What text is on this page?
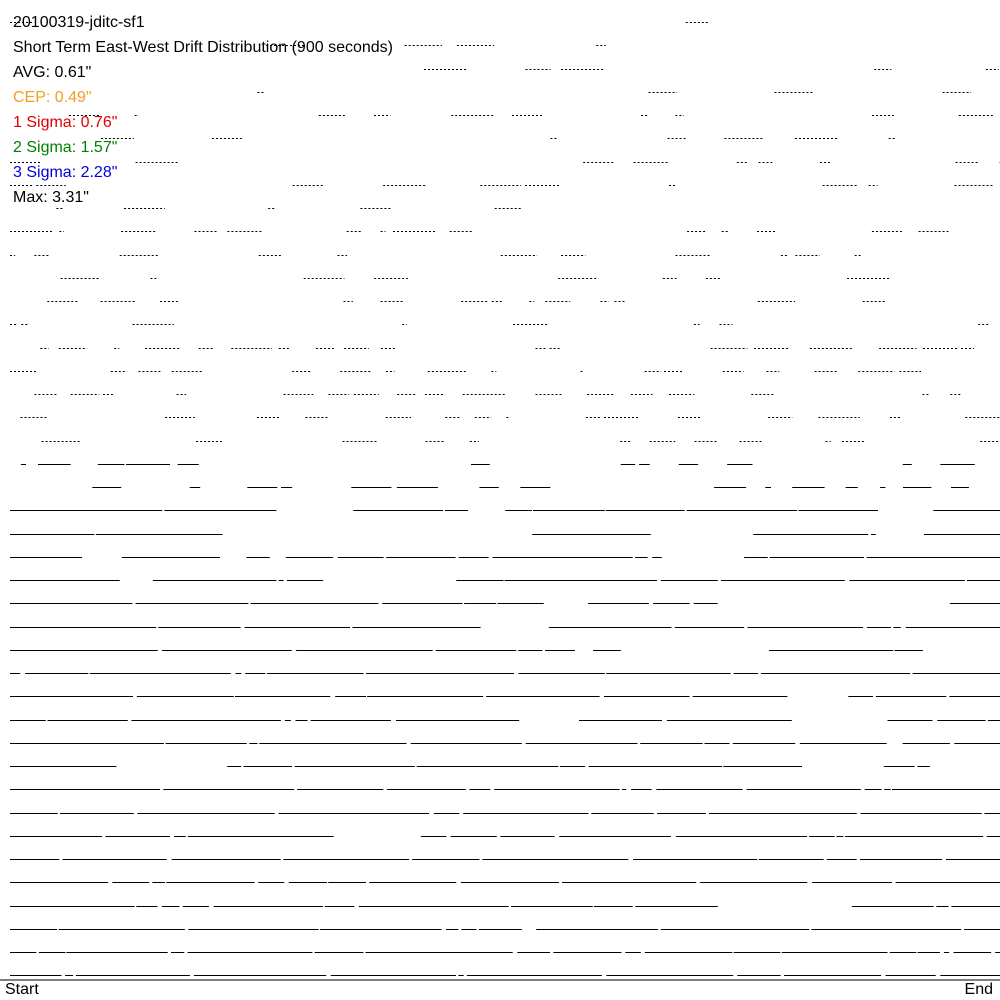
20100319-jditc-sf1
Short Term East-West Drift Distribution (900 seconds)
AVG: 0.61"
CEP: 0.49"
1 Sigma: 0.76"
2 Sigma: 1.57"
3 Sigma: 2.28"
Max: 3.31"
Start	End
